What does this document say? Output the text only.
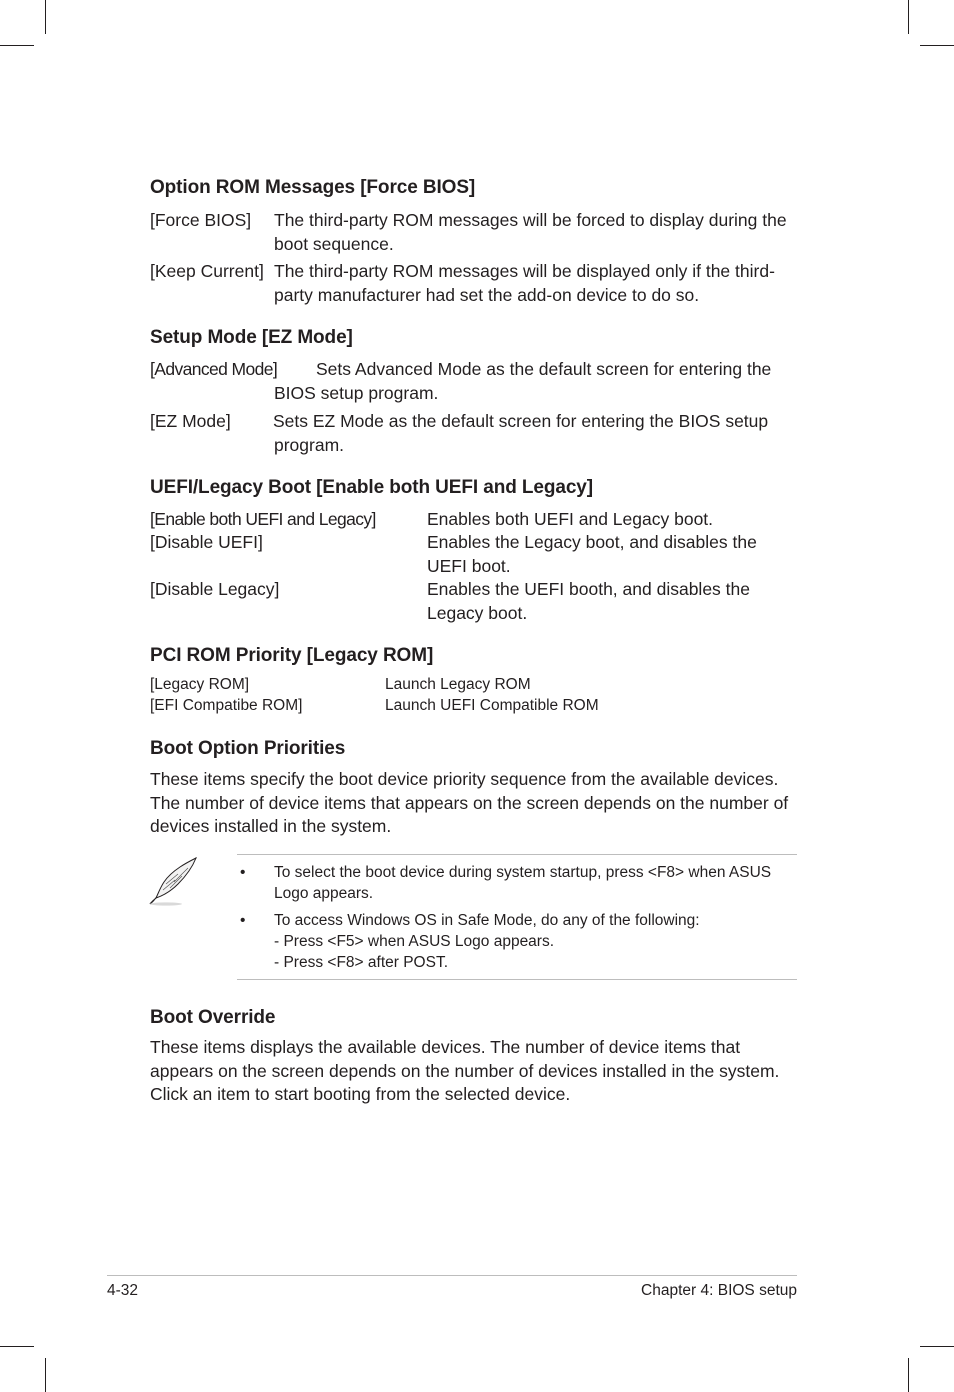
Option ROM Messages [Force BIOS]
[Force BIOS] The third-party ROM messages will be forced to display during the
boot sequence.
[Keep Current] The third-party ROM messages will be displayed only if the third-
party manufacturer had set the add-on device to do so.
Setup Mode [EZ Mode]
[Advanced Mode] Sets Advanced Mode as the default screen for entering the
BIOS setup program.
[EZ Mode] Sets EZ Mode as the default screen for entering the BIOS setup
program.
UEFI/Legacy Boot [Enable both UEFI and Legacy]
[Enable both UEFI and Legacy]	Enables both UEFI and Legacy boot.
[Disable UEFI]	Enables the Legacy boot, and disables the
UEFI boot.
[Disable Legacy]	Enables the UEFI booth, and disables the
Legacy boot.
PCI ROM Priority [Legacy ROM]
[Legacy ROM]	Launch Legacy ROM
[EFI Compatibe ROM]	Launch UEFI Compatible ROM
Boot Option Priorities

These items specify the boot device priority sequence from the available devices. The number of device items that appears on the screen depends on the number of devices installed in the system.

• To select the boot device during system startup, press <F8> when ASUS
Logo appears.
• To access Windows OS in Safe Mode, do any of the following:
- Press <F5> when ASUS Logo appears.
- Press <F8> after POST.
Boot Override

These items displays the available devices. The number of device items that appears on the screen depends on the number of devices installed in the system. Click an item to start booting from the selected device.

4-32	Chapter 4: BIOS setup
